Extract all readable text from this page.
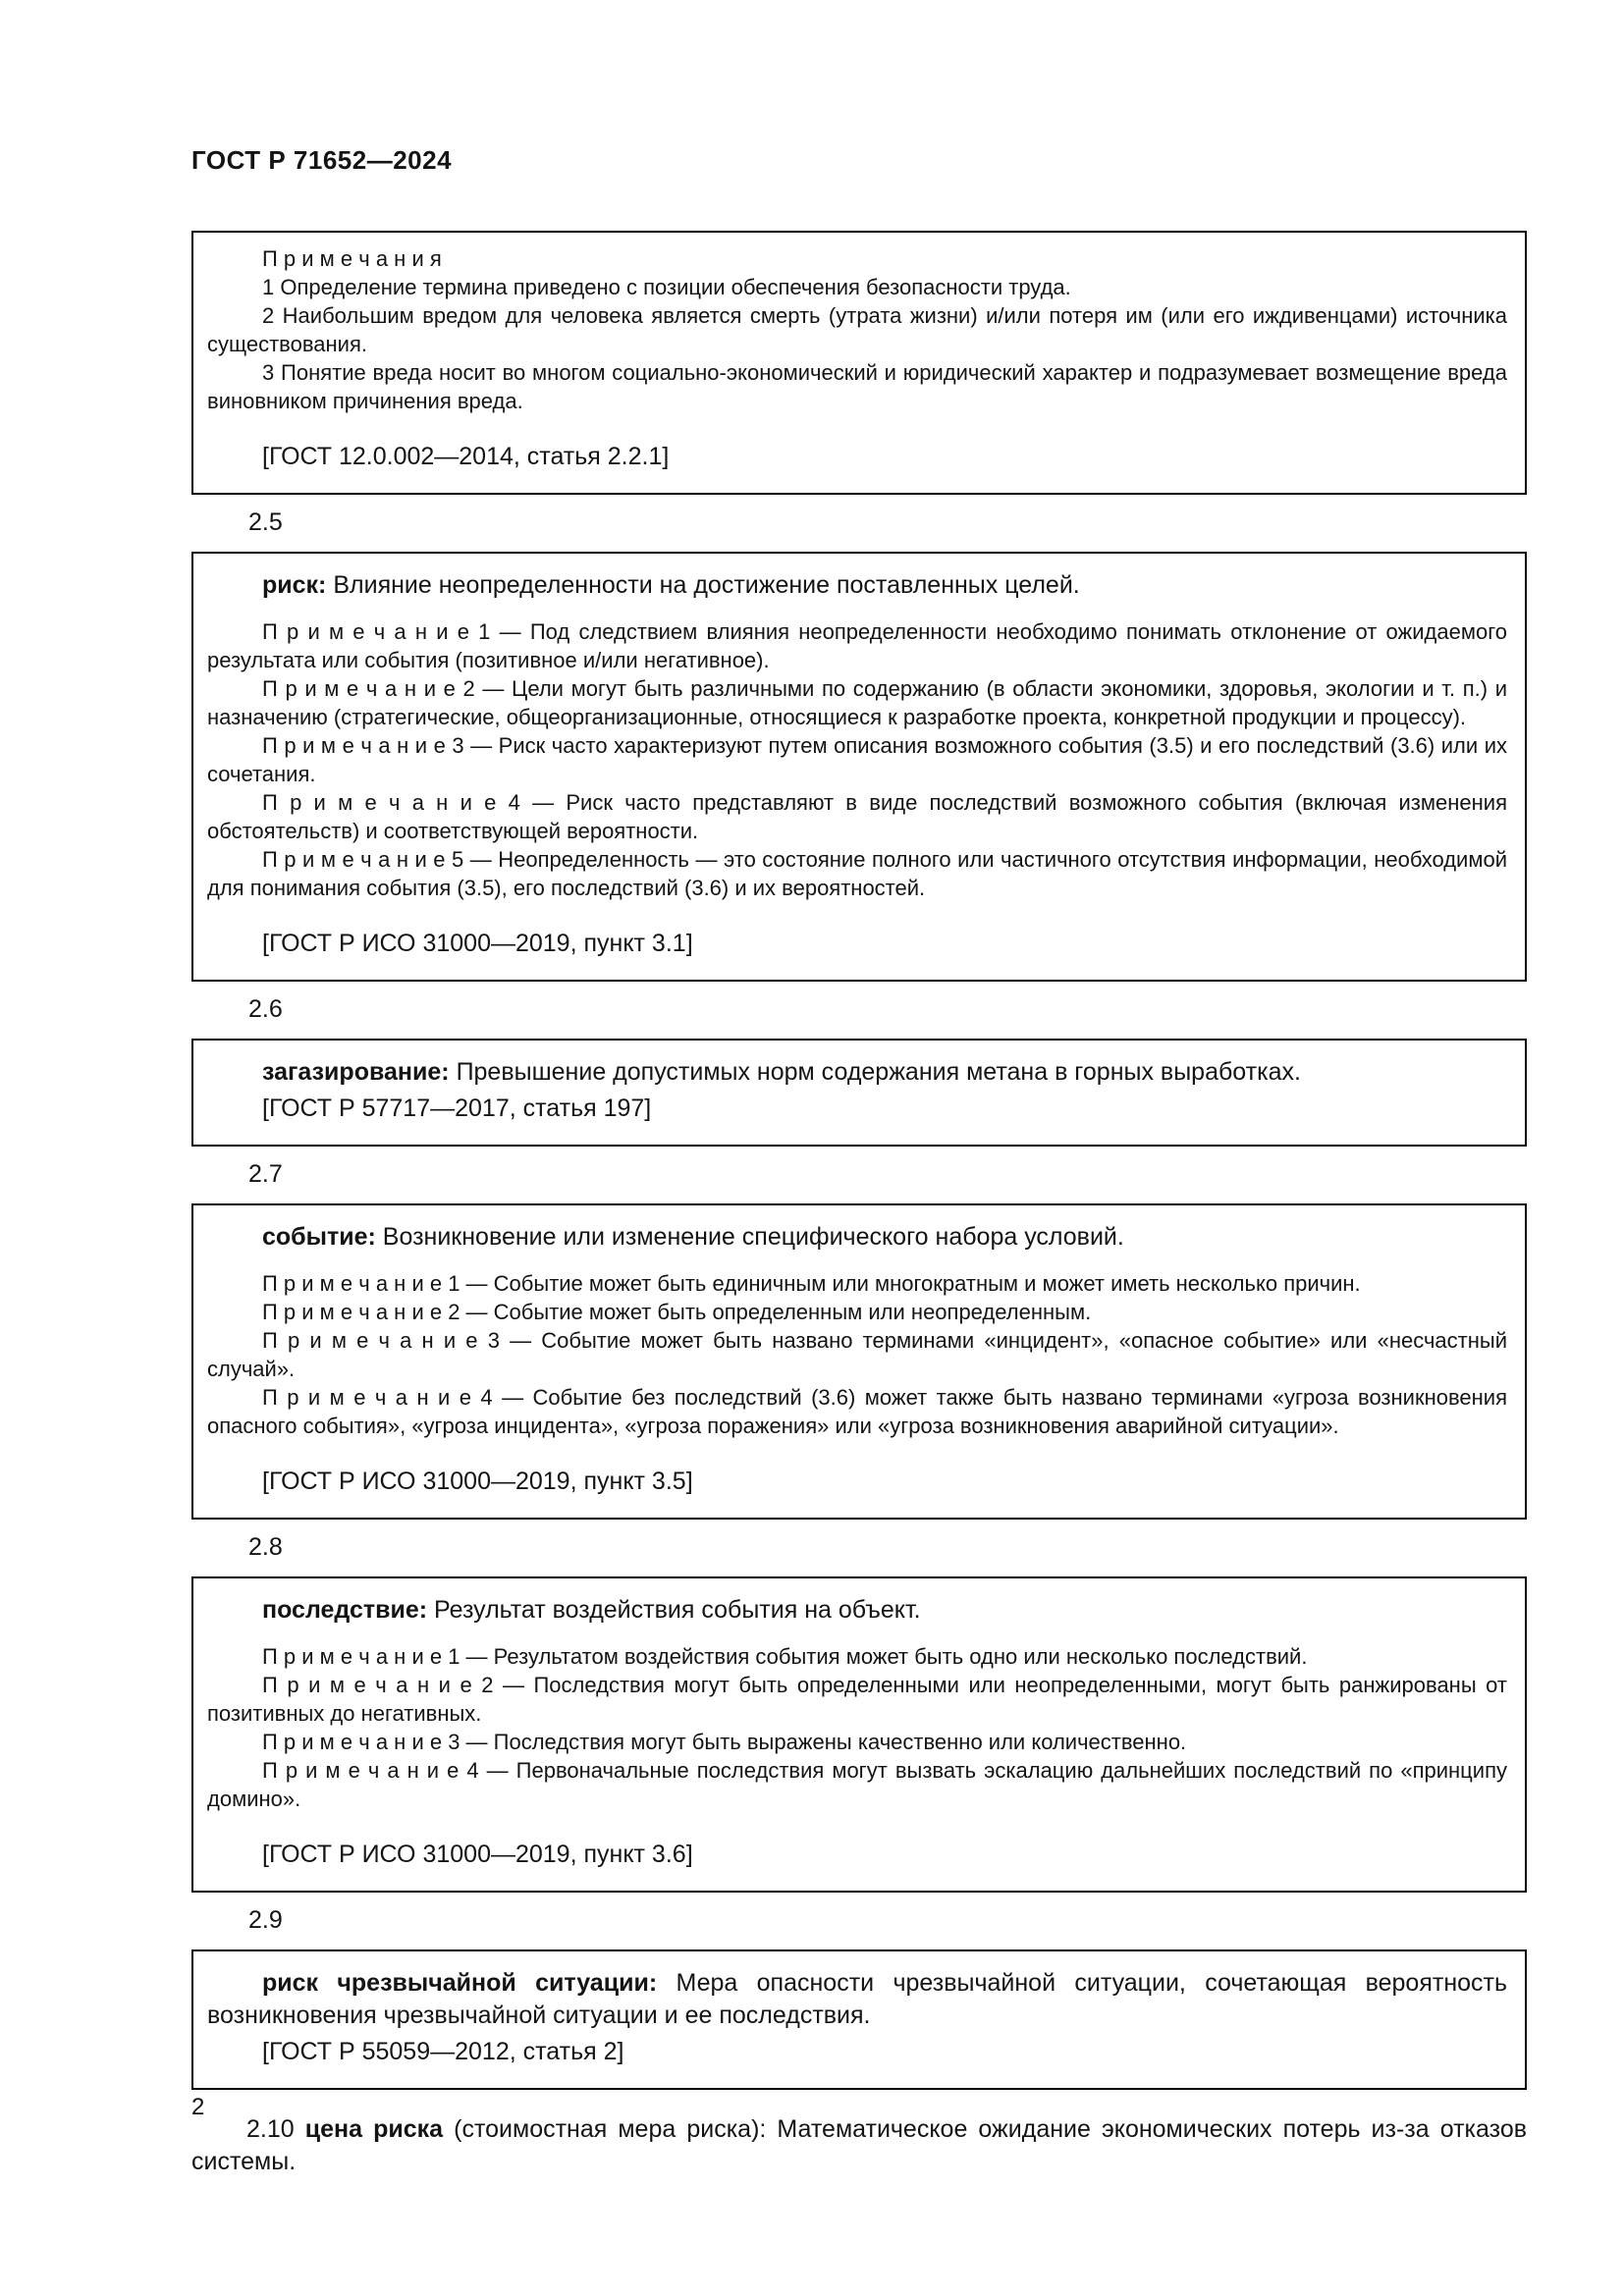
ГОСТ Р 71652—2024

П р и м е ч а н и я

1 Определение термина приведено с позиции обеспечения безопасности труда.

2 Наибольшим вредом для человека является смерть (утрата жизни) и/или потеря им (или его иждивенцами) источника существования.

3 Понятие вреда носит во многом социально-экономический и юридический характер и подразумевает возмещение вреда виновником причинения вреда.

[ГОСТ 12.0.002—2014, статья 2.2.1]

2.5

риск: Влияние неопределенности на достижение поставленных целей.

П р и м е ч а н и е 1 — Под следствием влияния неопределенности необходимо понимать отклонение от ожидаемого результата или события (позитивное и/или негативное).

П р и м е ч а н и е 2 — Цели могут быть различными по содержанию (в области экономики, здоровья, экологии и т. п.) и назначению (стратегические, общеорганизационные, относящиеся к разработке проекта, конкретной продукции и процессу).

П р и м е ч а н и е 3 — Риск часто характеризуют путем описания возможного события (3.5) и его последствий (3.6) или их сочетания.

П р и м е ч а н и е 4 — Риск часто представляют в виде последствий возможного события (включая изменения обстоятельств) и соответствующей вероятности.

П р и м е ч а н и е 5 — Неопределенность — это состояние полного или частичного отсутствия информации, необходимой для понимания события (3.5), его последствий (3.6) и их вероятностей.

[ГОСТ Р ИСО 31000—2019, пункт 3.1]

2.6

загазирование: Превышение допустимых норм содержания метана в горных выработках.

[ГОСТ Р 57717—2017, статья 197]

2.7

событие: Возникновение или изменение специфического набора условий.

П р и м е ч а н и е 1 — Событие может быть единичным или многократным и может иметь несколько причин.

П р и м е ч а н и е 2 — Событие может быть определенным или неопределенным.

П р и м е ч а н и е 3 — Событие может быть названо терминами «инцидент», «опасное событие» или «несчастный случай».

П р и м е ч а н и е 4 — Событие без последствий (3.6) может также быть названо терминами «угроза возникновения опасного события», «угроза инцидента», «угроза поражения» или «угроза возникновения аварийной ситуации».

[ГОСТ Р ИСО 31000—2019, пункт 3.5]

2.8

последствие: Результат воздействия события на объект.

П р и м е ч а н и е 1 — Результатом воздействия события может быть одно или несколько последствий.

П р и м е ч а н и е 2 — Последствия могут быть определенными или неопределенными, могут быть ранжированы от позитивных до негативных.

П р и м е ч а н и е 3 — Последствия могут быть выражены качественно или количественно.

П р и м е ч а н и е 4 — Первоначальные последствия могут вызвать эскалацию дальнейших последствий по «принципу домино».

[ГОСТ Р ИСО 31000—2019, пункт 3.6]

2.9

риск чрезвычайной ситуации: Мера опасности чрезвычайной ситуации, сочетающая вероятность возникновения чрезвычайной ситуации и ее последствия.

[ГОСТ Р 55059—2012, статья 2]

2.10 цена риска (стоимостная мера риска): Математическое ожидание экономических потерь из-за отказов системы.

2
